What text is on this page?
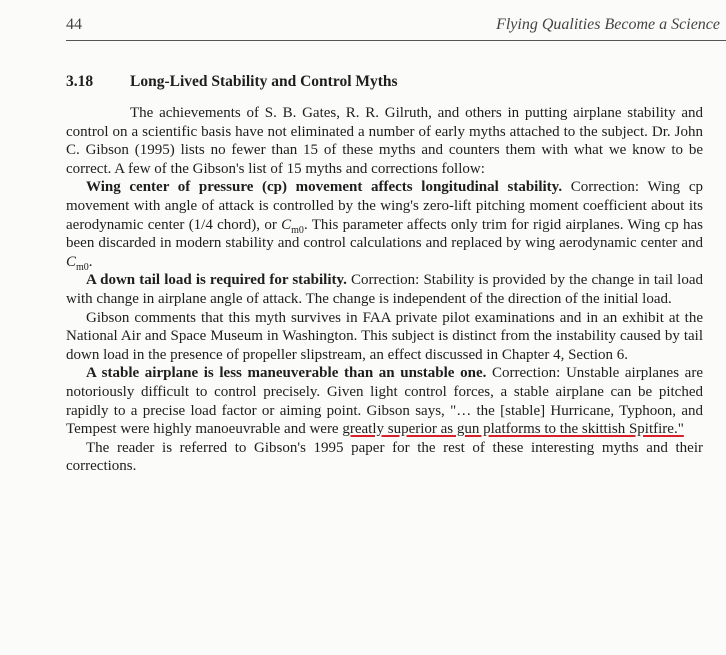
44	Flying Qualities Become a Science
3.18 Long-Lived Stability and Control Myths

The achievements of S. B. Gates, R. R. Gilruth, and others in putting airplane stability and control on a scientific basis have not eliminated a number of early myths attached to the subject. Dr. John C. Gibson (1995) lists no fewer than 15 of these myths and counters them with what we know to be correct. A few of the Gibson's list of 15 myths and corrections follow:

Wing center of pressure (cp) movement affects longitudinal stability. Correction: Wing cp movement with angle of attack is controlled by the wing's zero-lift pitching moment coefficient about its aerodynamic center (1/4 chord), or $C_{m0}$. This parameter affects only trim for rigid airplanes. Wing cp has been discarded in modern stability and control calculations and replaced by wing aerodynamic center and $C_{m0}$.

A down tail load is required for stability. Correction: Stability is provided by the change in tail load with change in airplane angle of attack. The change is independent of the direction of the initial load.

Gibson comments that this myth survives in FAA private pilot examinations and in an exhibit at the National Air and Space Museum in Washington. This subject is distinct from the instability caused by tail down load in the presence of propeller slipstream, an effect discussed in Chapter 4, Section 6.

A stable airplane is less maneuverable than an unstable one. Correction: Unstable airplanes are notoriously difficult to control precisely. Given light control forces, a stable airplane can be pitched rapidly to a precise load factor or aiming point. Gibson says, "… the [stable] Hurricane, Typhoon, and Tempest were highly manoeuvrable and were greatly superior as gun platforms to the skittish Spitfire."

The reader is referred to Gibson's 1995 paper for the rest of these interesting myths and their corrections.
